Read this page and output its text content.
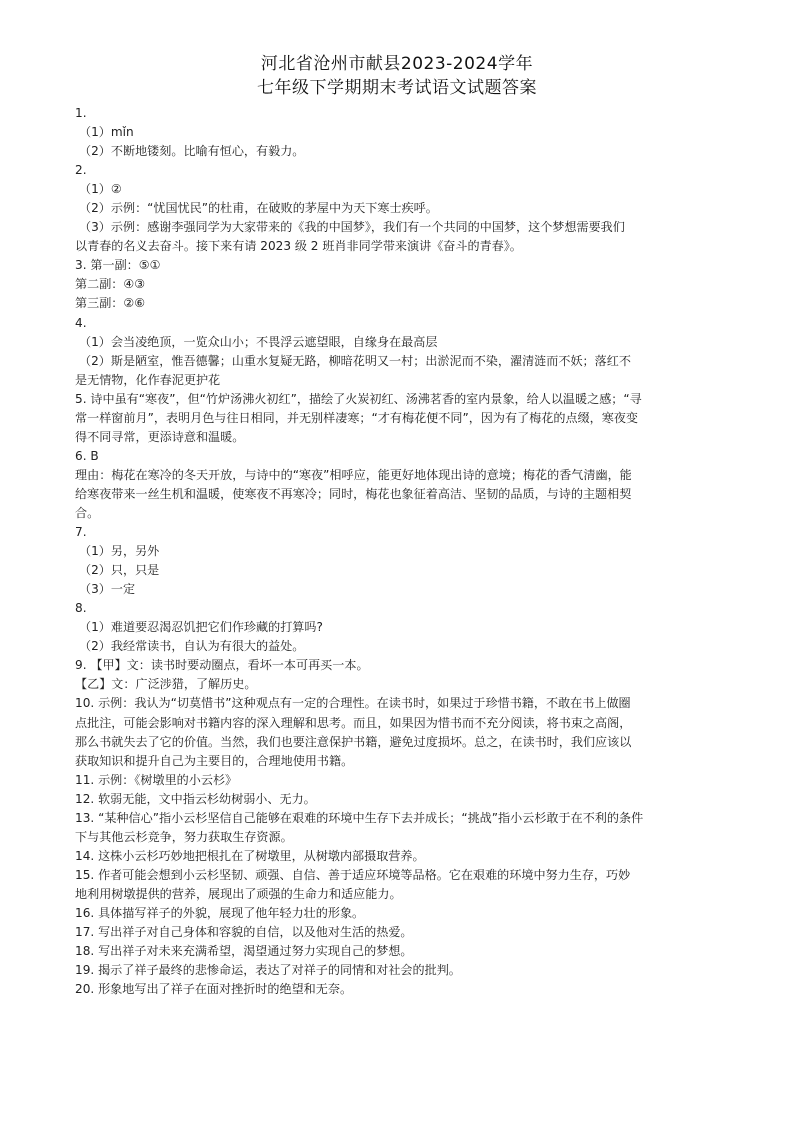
河北省沧州市献县2023-2024学年
七年级下学期期末考试语文试题答案
1.
（1）mǐn
（2）不断地镂刻。比喻有恒心，有毅力。
2.
（1）②
（2）示例：“忧国忧民”的杜甫，在破败的茅屋中为天下寒士疾呼。
（3）示例：感谢李强同学为大家带来的《我的中国梦》，我们有一个共同的中国梦，这个梦想需要我们
以青春的名义去奋斗。接下来有请 2023 级 2 班肖非同学带来演讲《奋斗的青春》。
3. 第一副：⑤①
第二副：④③
第三副：②⑥
4.
（1）会当凌绝顶，一览众山小；不畏浮云遮望眼，自缘身在最高层
（2）斯是陋室，惟吾德馨；山重水复疑无路，柳暗花明又一村；出淤泥而不染，濯清涟而不妖；落红不
是无情物，化作春泥更护花
5. 诗中虽有“寒夜”，但“竹炉汤沸火初红”，描绘了火炭初红、汤沸茗香的室内景象，给人以温暖之感；“寻
常一样窗前月”，表明月色与往日相同，并无别样凄寒；“才有梅花便不同”，因为有了梅花的点缀，寒夜变
得不同寻常，更添诗意和温暖。
6. B
理由：梅花在寒冷的冬天开放，与诗中的“寒夜”相呼应，能更好地体现出诗的意境；梅花的香气清幽，能
给寒夜带来一丝生机和温暖，使寒夜不再寒冷；同时，梅花也象征着高洁、坚韧的品质，与诗的主题相契
合。
7.
（1）另，另外
（2）只，只是
（3）一定
8.
（1）难道要忍渴忍饥把它们作珍藏的打算吗?
（2）我经常读书，自认为有很大的益处。
9. 【甲】文：读书时要动圈点，看坏一本可再买一本。
【乙】文：广泛涉猎，了解历史。
10. 示例：我认为“切莫惜书”这种观点有一定的合理性。在读书时，如果过于珍惜书籍，不敢在书上做圈
点批注，可能会影响对书籍内容的深入理解和思考。而且，如果因为惜书而不充分阅读，将书束之高阁，
那么书就失去了它的价值。当然，我们也要注意保护书籍，避免过度损坏。总之，在读书时，我们应该以
获取知识和提升自己为主要目的，合理地使用书籍。
11. 示例：《树墩里的小云杉》
12. 软弱无能，文中指云杉幼树弱小、无力。
13. “某种信心”指小云杉坚信自己能够在艰难的环境中生存下去并成长；“挑战”指小云杉敢于在不利的条件
下与其他云杉竞争，努力获取生存资源。
14. 这株小云杉巧妙地把根扎在了树墩里，从树墩内部摄取营养。
15. 作者可能会想到小云杉坚韧、顽强、自信、善于适应环境等品格。它在艰难的环境中努力生存，巧妙
地利用树墩提供的营养，展现出了顽强的生命力和适应能力。
16. 具体描写祥子的外貌，展现了他年轻力壮的形象。
17. 写出祥子对自己身体和容貌的自信，以及他对生活的热爱。
18. 写出祥子对未来充满希望，渴望通过努力实现自己的梦想。
19. 揭示了祥子最终的悲惨命运，表达了对祥子的同情和对社会的批判。
20. 形象地写出了祥子在面对挫折时的绝望和无奈。
